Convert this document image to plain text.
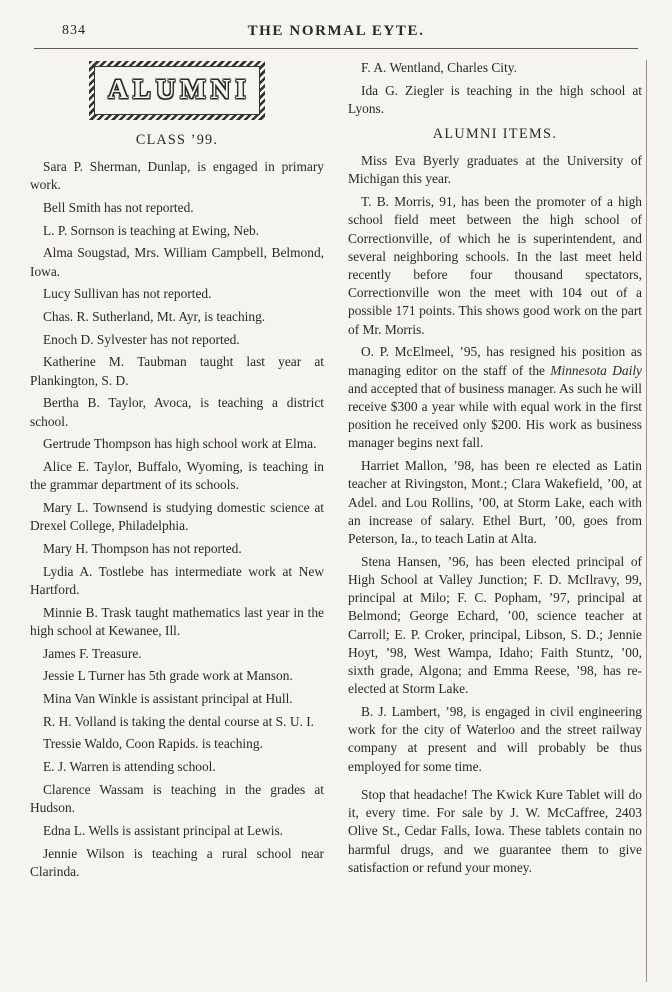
834	THE NORMAL EYTE.
ALUMNI
CLASS ’99.

Sara P. Sherman, Dunlap, is engaged in primary work.

Bell Smith has not reported.

L. P. Sornson is teaching at Ewing, Neb.

Alma Sougstad, Mrs. William Campbell, Belmond, Iowa.

Lucy Sullivan has not reported.

Chas. R. Sutherland, Mt. Ayr, is teaching.

Enoch D. Sylvester has not reported.

Katherine M. Taubman taught last year at Plankington, S. D.

Bertha B. Taylor, Avoca, is teaching a district school.

Gertrude Thompson has high school work at Elma.

Alice E. Taylor, Buffalo, Wyoming, is teaching in the grammar department of its schools.

Mary L. Townsend is studying domestic science at Drexel College, Philadelphia.

Mary H. Thompson has not reported.

Lydia A. Tostlebe has intermediate work at New Hartford.

Minnie B. Trask taught mathematics last year in the high school at Kewanee, Ill.

James F. Treasure.

Jessie L Turner has 5th grade work at Manson.

Mina Van Winkle is assistant principal at Hull.

R. H. Volland is taking the dental course at S. U. I.

Tressie Waldo, Coon Rapids. is teaching.

E. J. Warren is attending school.

Clarence Wassam is teaching in the grades at Hudson.

Edna L. Wells is assistant principal at Lewis.

Jennie Wilson is teaching a rural school near Clarinda.

F. A. Wentland, Charles City.

Ida G. Ziegler is teaching in the high school at Lyons.

ALUMNI ITEMS.

Miss Eva Byerly graduates at the University of Michigan this year.

T. B. Morris, 91, has been the promoter of a high school field meet between the high school of Correctionville, of which he is superintendent, and several neighboring schools. In the last meet held recently before four thousand spectators, Correctionville won the meet with 104 out of a possible 171 points. This shows good work on the part of Mr. Morris.

O. P. McElmeel, ’95, has resigned his position as managing editor on the staff of the Minnesota Daily and accepted that of business manager. As such he will receive $300 a year while with equal work in the first position he received only $200. His work as business manager begins next fall.

Harriet Mallon, ’98, has been re elected as Latin teacher at Rivingston, Mont.; Clara Wakefield, ’00, at Adel. and Lou Rollins, ’00, at Storm Lake, each with an increase of salary. Ethel Burt, ’00, goes from Peterson, Ia., to teach Latin at Alta.

Stena Hansen, ’96, has been elected principal of High School at Valley Junction; F. D. McIlravy, 99, principal at Milo; F. C. Popham, ’97, principal at Belmond; George Echard, ’00, science teacher at Carroll; E. P. Croker, principal, Libson, S. D.; Jennie Hoyt, ’98, West Wampa, Idaho; Faith Stuntz, ’00, sixth grade, Algona; and Emma Reese, ’98, has re-elected at Storm Lake.

B. J. Lambert, ’98, is engaged in civil engineering work for the city of Waterloo and the street railway company at present and will probably be thus employed for some time.

Stop that headache! The Kwick Kure Tablet will do it, every time. For sale by J. W. McCaffree, 2403 Olive St., Cedar Falls, Iowa. These tablets contain no harmful drugs, and we guarantee them to give satisfaction or refund your money.
